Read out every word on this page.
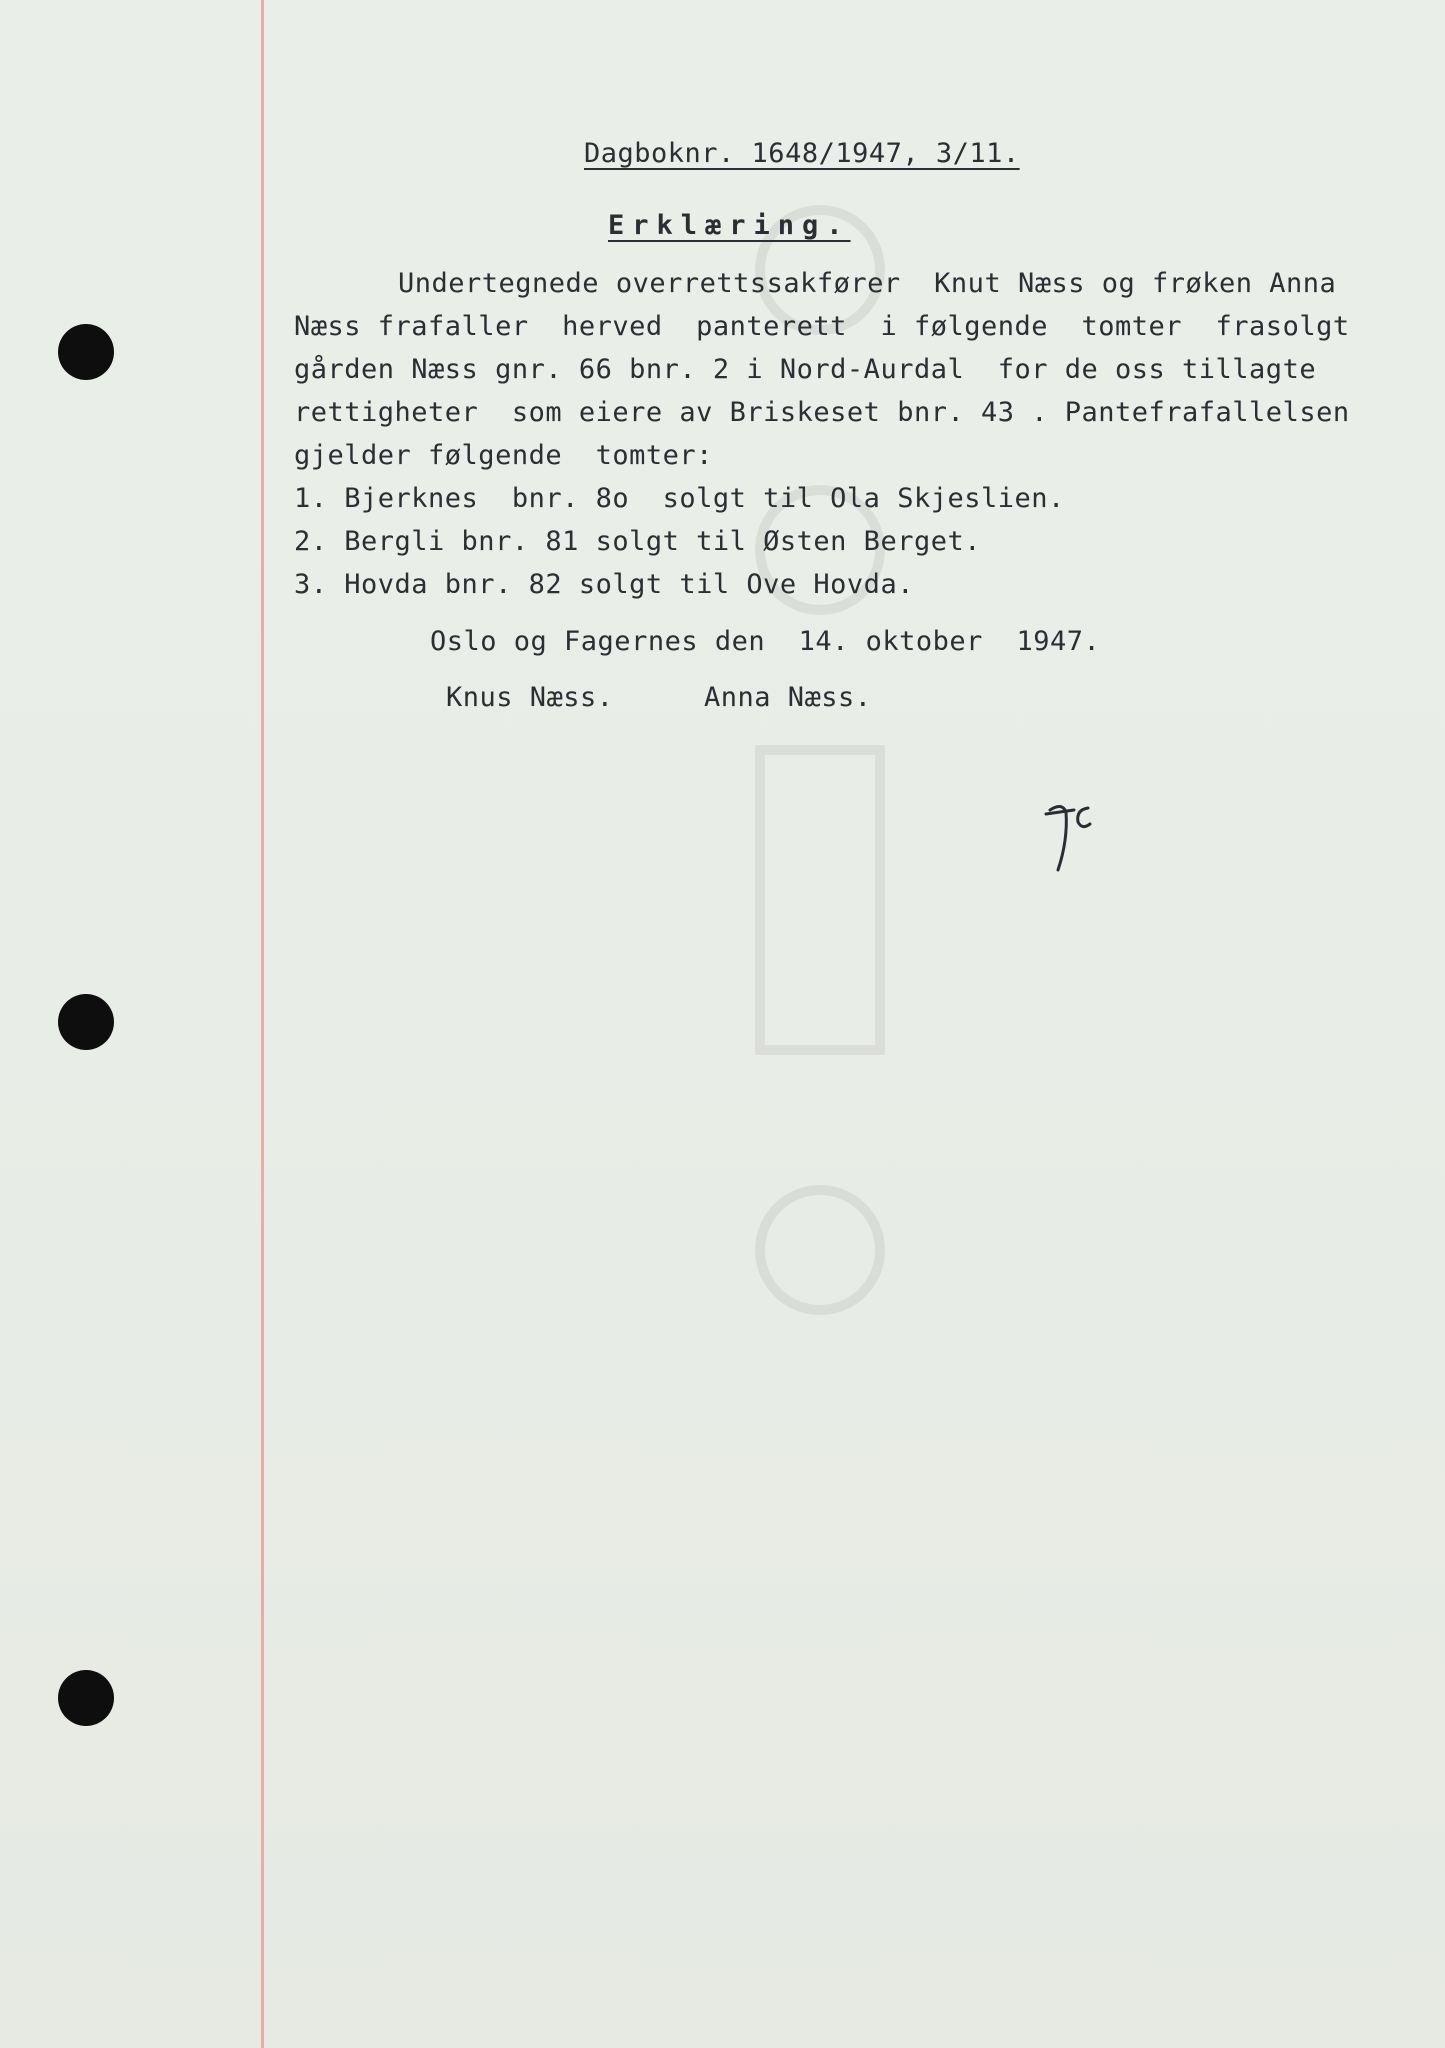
Dagboknr. 1648/1947, 3/11.
Erklæring.
Undertegnede overrettssakfører  Knut Næss og frøken Anna
Næss frafaller  herved  panterett  i følgende  tomter  frasolgt
gården Næss gnr. 66 bnr. 2 i Nord-Aurdal  for de oss tillagte
rettigheter  som eiere av Briskeset bnr. 43 . Pantefrafallelsen
gjelder følgende  tomter:
1. Bjerknes  bnr. 8o  solgt til Ola Skjeslien.
2. Bergli bnr. 81 solgt til Østen Berget.
3. Hovda bnr. 82 solgt til Ove Hovda.
Oslo og Fagernes den  14. oktober  1947.
Knus Næss.	Anna Næss.
